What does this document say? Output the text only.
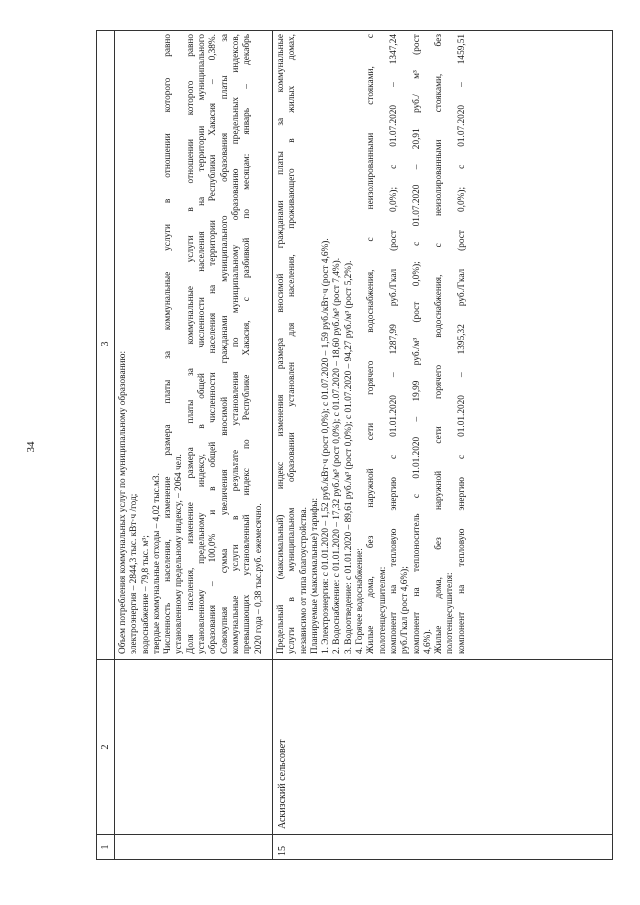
34
1
2
3
Объем потребления коммунальных услуг по муниципальному образованию: электроэнергия – 2844,3 тыс. кВт·ч /год; водоснабжение – 79,8 тыс. м³; твердые коммунальные отходы – 4,02 тыс.м3. Численность населения, изменение размера платы за коммунальные услуги в отношении которого равно установленному предельному индексу, – 2064 чел. Доля населения, изменение размера платы за коммунальные услуги в отношении которого равно установленному предельному индексу, в общей численности населения на территории муниципального образования – 100,0% и в общей численности населения на территории Республики Хакасия – 0,38%. Совокупная сумма увеличения вносимой гражданами муниципального образования платы за коммунальные услуги в результате установления по муниципальному образованию предельных индексов, превышающих установленный индекс по Республике Хакасия, с разбивкой по месяцам: январь – декабрь 2020 года – 0,38 тыс.руб. ежемесячно.
15
Аскизский сельсовет
Предельный (максимальный) индекс изменения размера вносимой гражданами платы за коммунальные услуги в муниципальном образовании установлен для населения, проживающего в жилых домах, независимо от типа благоустройства. Планируемые (максимальные) тарифы: 1. Электроэнергия: с 01.01.2020 – 1,52 руб./кВт·ч (рост 0,0%); с 01.07.2020 – 1,59 руб./кВт·ч (рост 4,6%). 2. Водоснабжение: с 01.01.2020 – 17,32 руб./м³ (рост 0,0%); с 01.07.2020 – 18,60 руб./м³ (рост 7,4%). 3. Водоотведение: с 01.01.2020 – 89,61 руб./м³ (рост 0,0%); с 01.07.2020 – 94,27 руб./м³ (рост 5,2%). 4. Горячее водоснабжение: Жилые дома, без наружной сети горячего водоснабжения, с неизолированными стояками, с полотенцесушителем: компонент на тепловую энергию с 01.01.2020 – 1287,99 руб./Гкал (рост 0,0%); с 01.07.2020 – 1347,24 руб./Гкал (рост 4,6%); компонент на теплоноситель с 01.01.2020 – 19,99 руб./м³ (рост 0,0%); с 01.07.2020 – 20,91 руб./ м³ (рост 4,6%). Жилые дома, без наружной сети горячего водоснабжения, с неизолированными стояками, без полотенцесушителя: компонент на тепловую энергию с 01.01.2020 – 1395,32 руб./Гкал (рост 0,0%); с 01.07.2020 – 1459,51
